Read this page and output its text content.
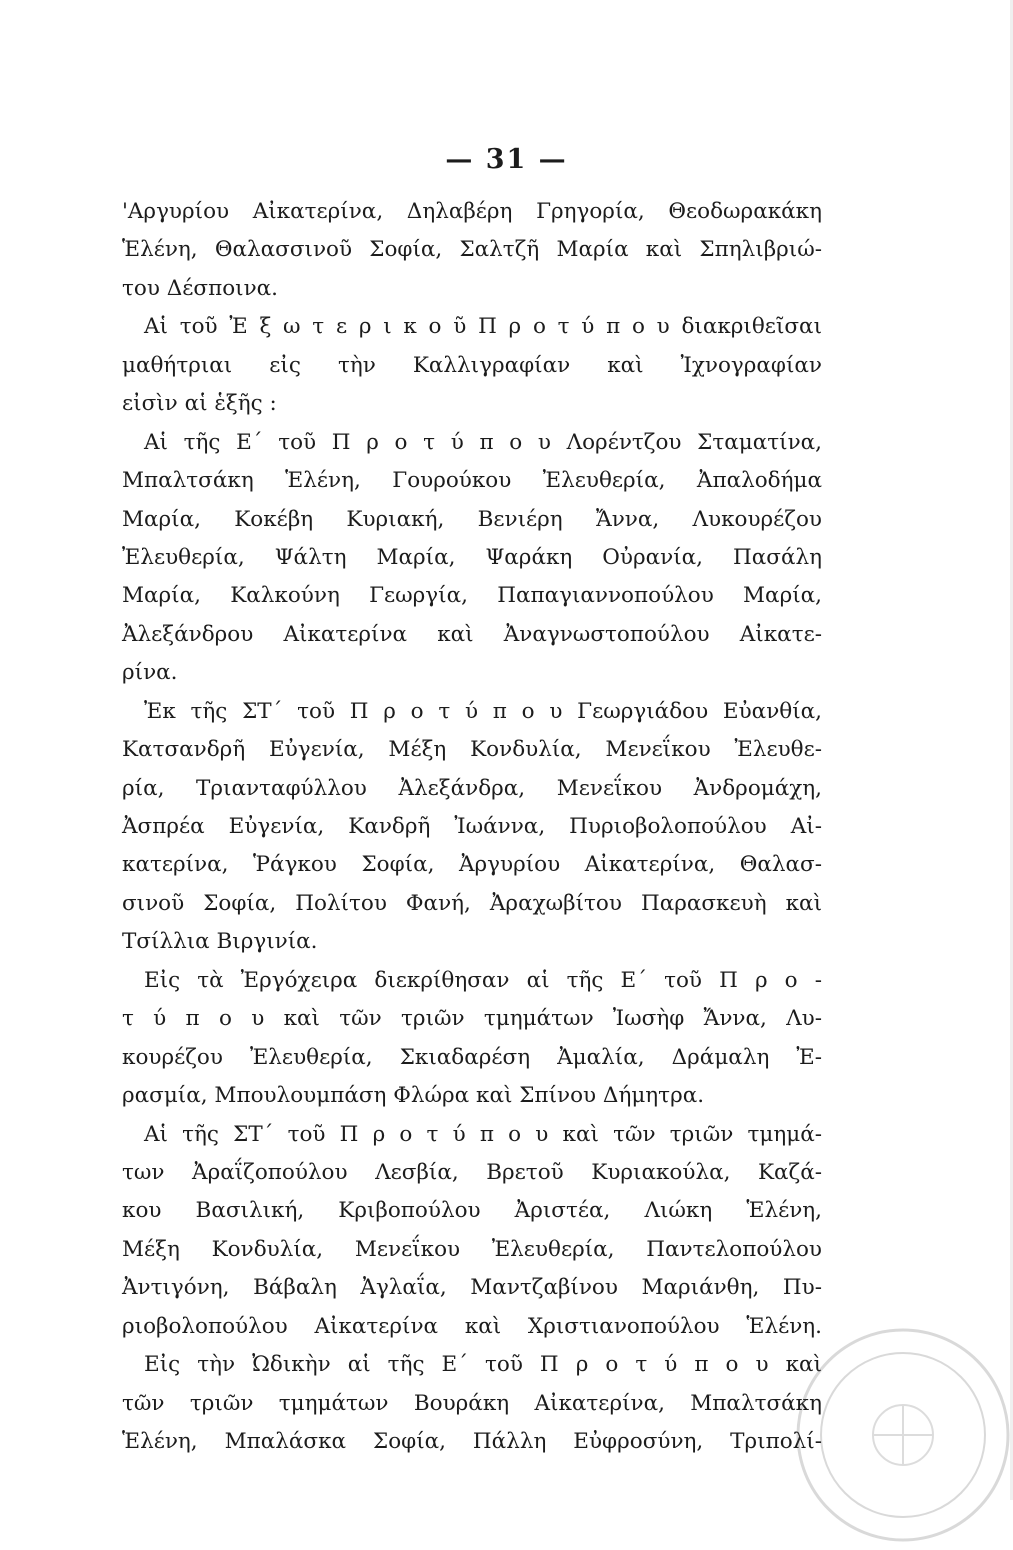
— 31 —
'Αργυρίου Αἰκατερίνα, Δηλαβέρη Γρηγορία, Θεοδωρακάκη
Ἑλένη, Θαλασσινοῦ Σοφία, Σαλτζῆ Μαρία καὶ Σπηλιβριώ-
του Δέσποινα.
Αἱ τοῦ Ἐ ξ ω τ ε ρ ι κ ο ῦ Π ρ ο τ ύ π ο υ διακριθεῖσαι
μαθήτριαι εἰς τὴν Καλλιγραφίαν καὶ Ἰχνογραφίαν
εἰσὶν αἱ ἑξῆς :
Αἱ τῆς Ε΄ τοῦ Π ρ ο τ ύ π ο υ Λορέντζου Σταματίνα,
Μπαλτσάκη Ἑλένη, Γουρούκου Ἐλευθερία, Ἀπαλοδήμα
Μαρία, Κοκέβη Κυριακή, Βενιέρη Ἄννα, Λυκουρέζου
Ἐλευθερία, Ψάλτη Μαρία, Ψαράκη Οὐρανία, Πασάλη
Μαρία, Καλκούνη Γεωργία, Παπαγιαννοπούλου Μαρία,
Ἀλεξάνδρου Αἰκατερίνα καὶ Ἀναγνωστοπούλου Αἰκατε-
ρίνα.
Ἐκ τῆς ΣΤ΄ τοῦ Π ρ ο τ ύ π ο υ Γεωργιάδου Εὐανθία,
Κατσανδρῆ Εὐγενία, Μέξη Κονδυλία, Μενεΐκου Ἐλευθε-
ρία, Τριανταφύλλου Ἀλεξάνδρα, Μενεΐκου Ἀνδρομάχη,
Ἀσπρέα Εὐγενία, Κανδρῆ Ἰωάννα, Πυριοβολοπούλου Αἰ-
κατερίνα, Ῥάγκου Σοφία, Ἀργυρίου Αἰκατερίνα, Θαλασ-
σινοῦ Σοφία, Πολίτου Φανή, Ἀραχωβίτου Παρασκευὴ καὶ
Τσίλλια Βιργινία.
Εἰς τὰ Ἐργόχειρα διεκρίθησαν αἱ τῆς Ε΄ τοῦ Π ρ ο -
τ ύ π ο υ καὶ τῶν τριῶν τμημάτων Ἰωσὴφ Ἄννα, Λυ-
κουρέζου Ἐλευθερία, Σκιαδαρέση Ἀμαλία, Δράμαλη Ἐ-
ρασμία, Μπουλουμπάση Φλώρα καὶ Σπίνου Δήμητρα.
Αἱ τῆς ΣΤ΄ τοῦ Π ρ ο τ ύ π ο υ καὶ τῶν τριῶν τμημά-
των Ἀραΐζοπούλου Λεσβία, Βρετοῦ Κυριακούλα, Καζά-
κου Βασιλική, Κριβοπούλου Ἀριστέα, Λιώκη Ἑλένη,
Μέξη Κονδυλία, Μενεΐκου Ἐλευθερία, Παντελοπούλου
Ἀντιγόνη, Βάβαλη Ἀγλαΐα, Μαντζαβίνου Μαριάνθη, Πυ-
ριοβολοπούλου Αἰκατερίνα καὶ Χριστιανοπούλου Ἑλένη.
Εἰς τὴν Ὠδικὴν αἱ τῆς Ε΄ τοῦ Π ρ ο τ ύ π ο υ καὶ
τῶν τριῶν τμημάτων Βουράκη Αἰκατερίνα, Μπαλτσάκη
Ἑλένη, Μπαλάσκα Σοφία, Πάλλη Εὐφροσύνη, Τριπολί-
